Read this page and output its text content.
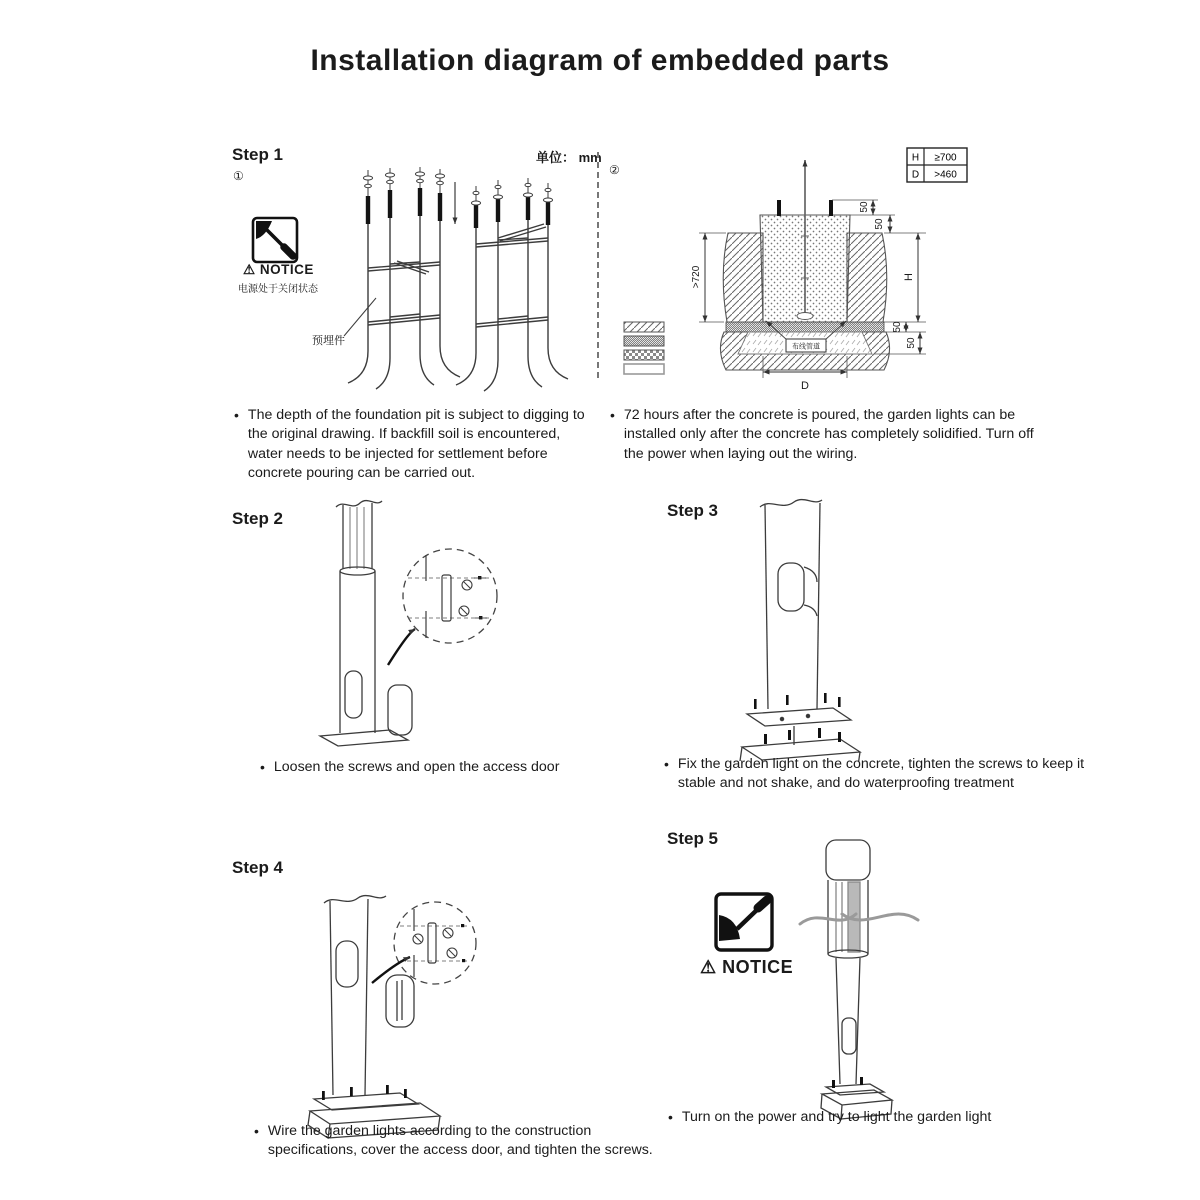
Installation diagram of embedded parts
Step 1
①
单位： mm
②
⚠ NOTICE
电源处于关闭状态
预埋件	布线管道
50
50
H
50
50
>720
D
H ≥700
D >460
• The depth of the foundation pit is subject to digging to the original drawing. If backfill soil is encountered, water needs to be injected for settlement before concrete pouring can be carried out.

• 72 hours after the concrete is poured, the garden lights can be installed only after the concrete has completely solidified. Turn off the power when laying out the wiring.

Step 2
• Loosen the screws and open the access door

Step 3
• Fix the garden light on the concrete, tighten the screws to keep it stable and not shake, and do waterproofing treatment

Step 4
• Wire the garden lights according to the construction specifications, cover the access door, and tighten the screws.

Step 5
⚠ NOTICE
• Turn on the power and try to light the garden light
